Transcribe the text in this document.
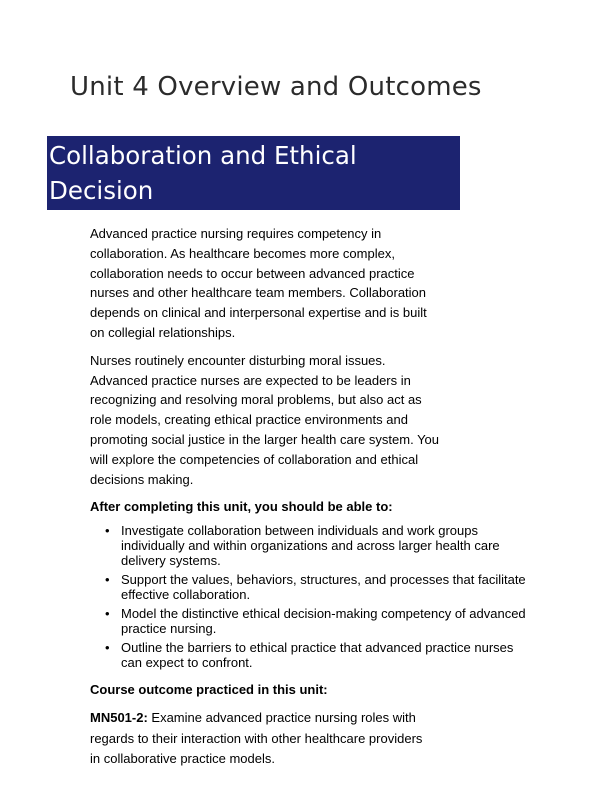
Unit 4 Overview and Outcomes
Collaboration and Ethical Decision
Making

Advanced practice nursing requires competency in collaboration. As healthcare becomes more complex, collaboration needs to occur between advanced practice nurses and other healthcare team members. Collaboration depends on clinical and interpersonal expertise and is built on collegial relationships.

Nurses routinely encounter disturbing moral issues. Advanced practice nurses are expected to be leaders in recognizing and resolving moral problems, but also act as role models, creating ethical practice environments and promoting social justice in the larger health care system. You will explore the competencies of collaboration and ethical decisions making.

After completing this unit, you should be able to:

• Investigate collaboration between individuals and work groups individually and within organizations and across larger health care delivery systems.
• Support the values, behaviors, structures, and processes that facilitate effective collaboration.
• Model the distinctive ethical decision-making competency of advanced practice nursing.
• Outline the barriers to ethical practice that advanced practice nurses can expect to confront.

Course outcome practiced in this unit:

MN501-2: Examine advanced practice nursing roles with regards to their interaction with other healthcare providers in collaborative practice models.
